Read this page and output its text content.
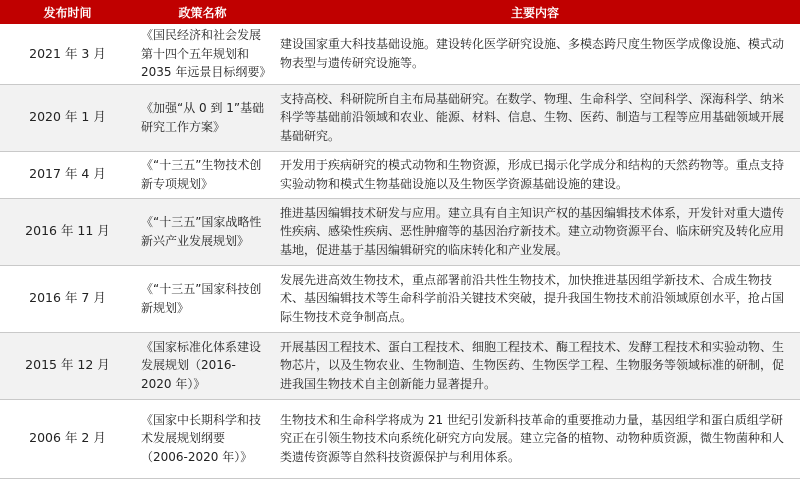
发布时间	政策名称	主要内容
2021 年 3 月	《国民经济和社会发展第十四个五年规划和 2035 年远景目标纲要》	建设国家重大科技基础设施。建设转化医学研究设施、多模态跨尺度生物医学成像设施、模式动物表型与遗传研究设施等。
2020 年 1 月	《加强“从 0 到 1”基础研究工作方案》	支持高校、科研院所自主布局基础研究。在数学、物理、生命科学、空间科学、深海科学、纳米科学等基础前沿领域和农业、能源、材料、信息、生物、医药、制造与工程等应用基础领域开展基础研究。
2017 年 4 月	《“十三五”生物技术创新专项规划》	开发用于疾病研究的模式动物和生物资源，形成已揭示化学成分和结构的天然药物等。重点支持实验动物和模式生物基础设施以及生物医学资源基础设施的建设。
2016 年 11 月	《“十三五”国家战略性新兴产业发展规划》	推进基因编辑技术研发与应用。建立具有自主知识产权的基因编辑技术体系，开发针对重大遗传性疾病、感染性疾病、恶性肿瘤等的基因治疗新技术。建立动物资源平台、临床研究及转化应用基地，促进基于基因编辑研究的临床转化和产业发展。
2016 年 7 月	《“十三五”国家科技创新规划》	发展先进高效生物技术，重点部署前沿共性生物技术，加快推进基因组学新技术、合成生物技术、基因编辑技术等生命科学前沿关键技术突破，提升我国生物技术前沿领域原创水平，抢占国际生物技术竞争制高点。
2015 年 12 月	《国家标准化体系建设发展规划（2016-2020 年）》	开展基因工程技术、蛋白工程技术、细胞工程技术、酶工程技术、发酵工程技术和实验动物、生物芯片，以及生物农业、生物制造、生物医药、生物医学工程、生物服务等领域标准的研制，促进我国生物技术自主创新能力显著提升。
2006 年 2 月	《国家中长期科学和技术发展规划纲要（2006-2020 年）》	生物技术和生命科学将成为 21 世纪引发新科技革命的重要推动力量，基因组学和蛋白质组学研究正在引领生物技术向系统化研究方向发展。建立完备的植物、动物种质资源，微生物菌种和人类遗传资源等自然科技资源保护与利用体系。
